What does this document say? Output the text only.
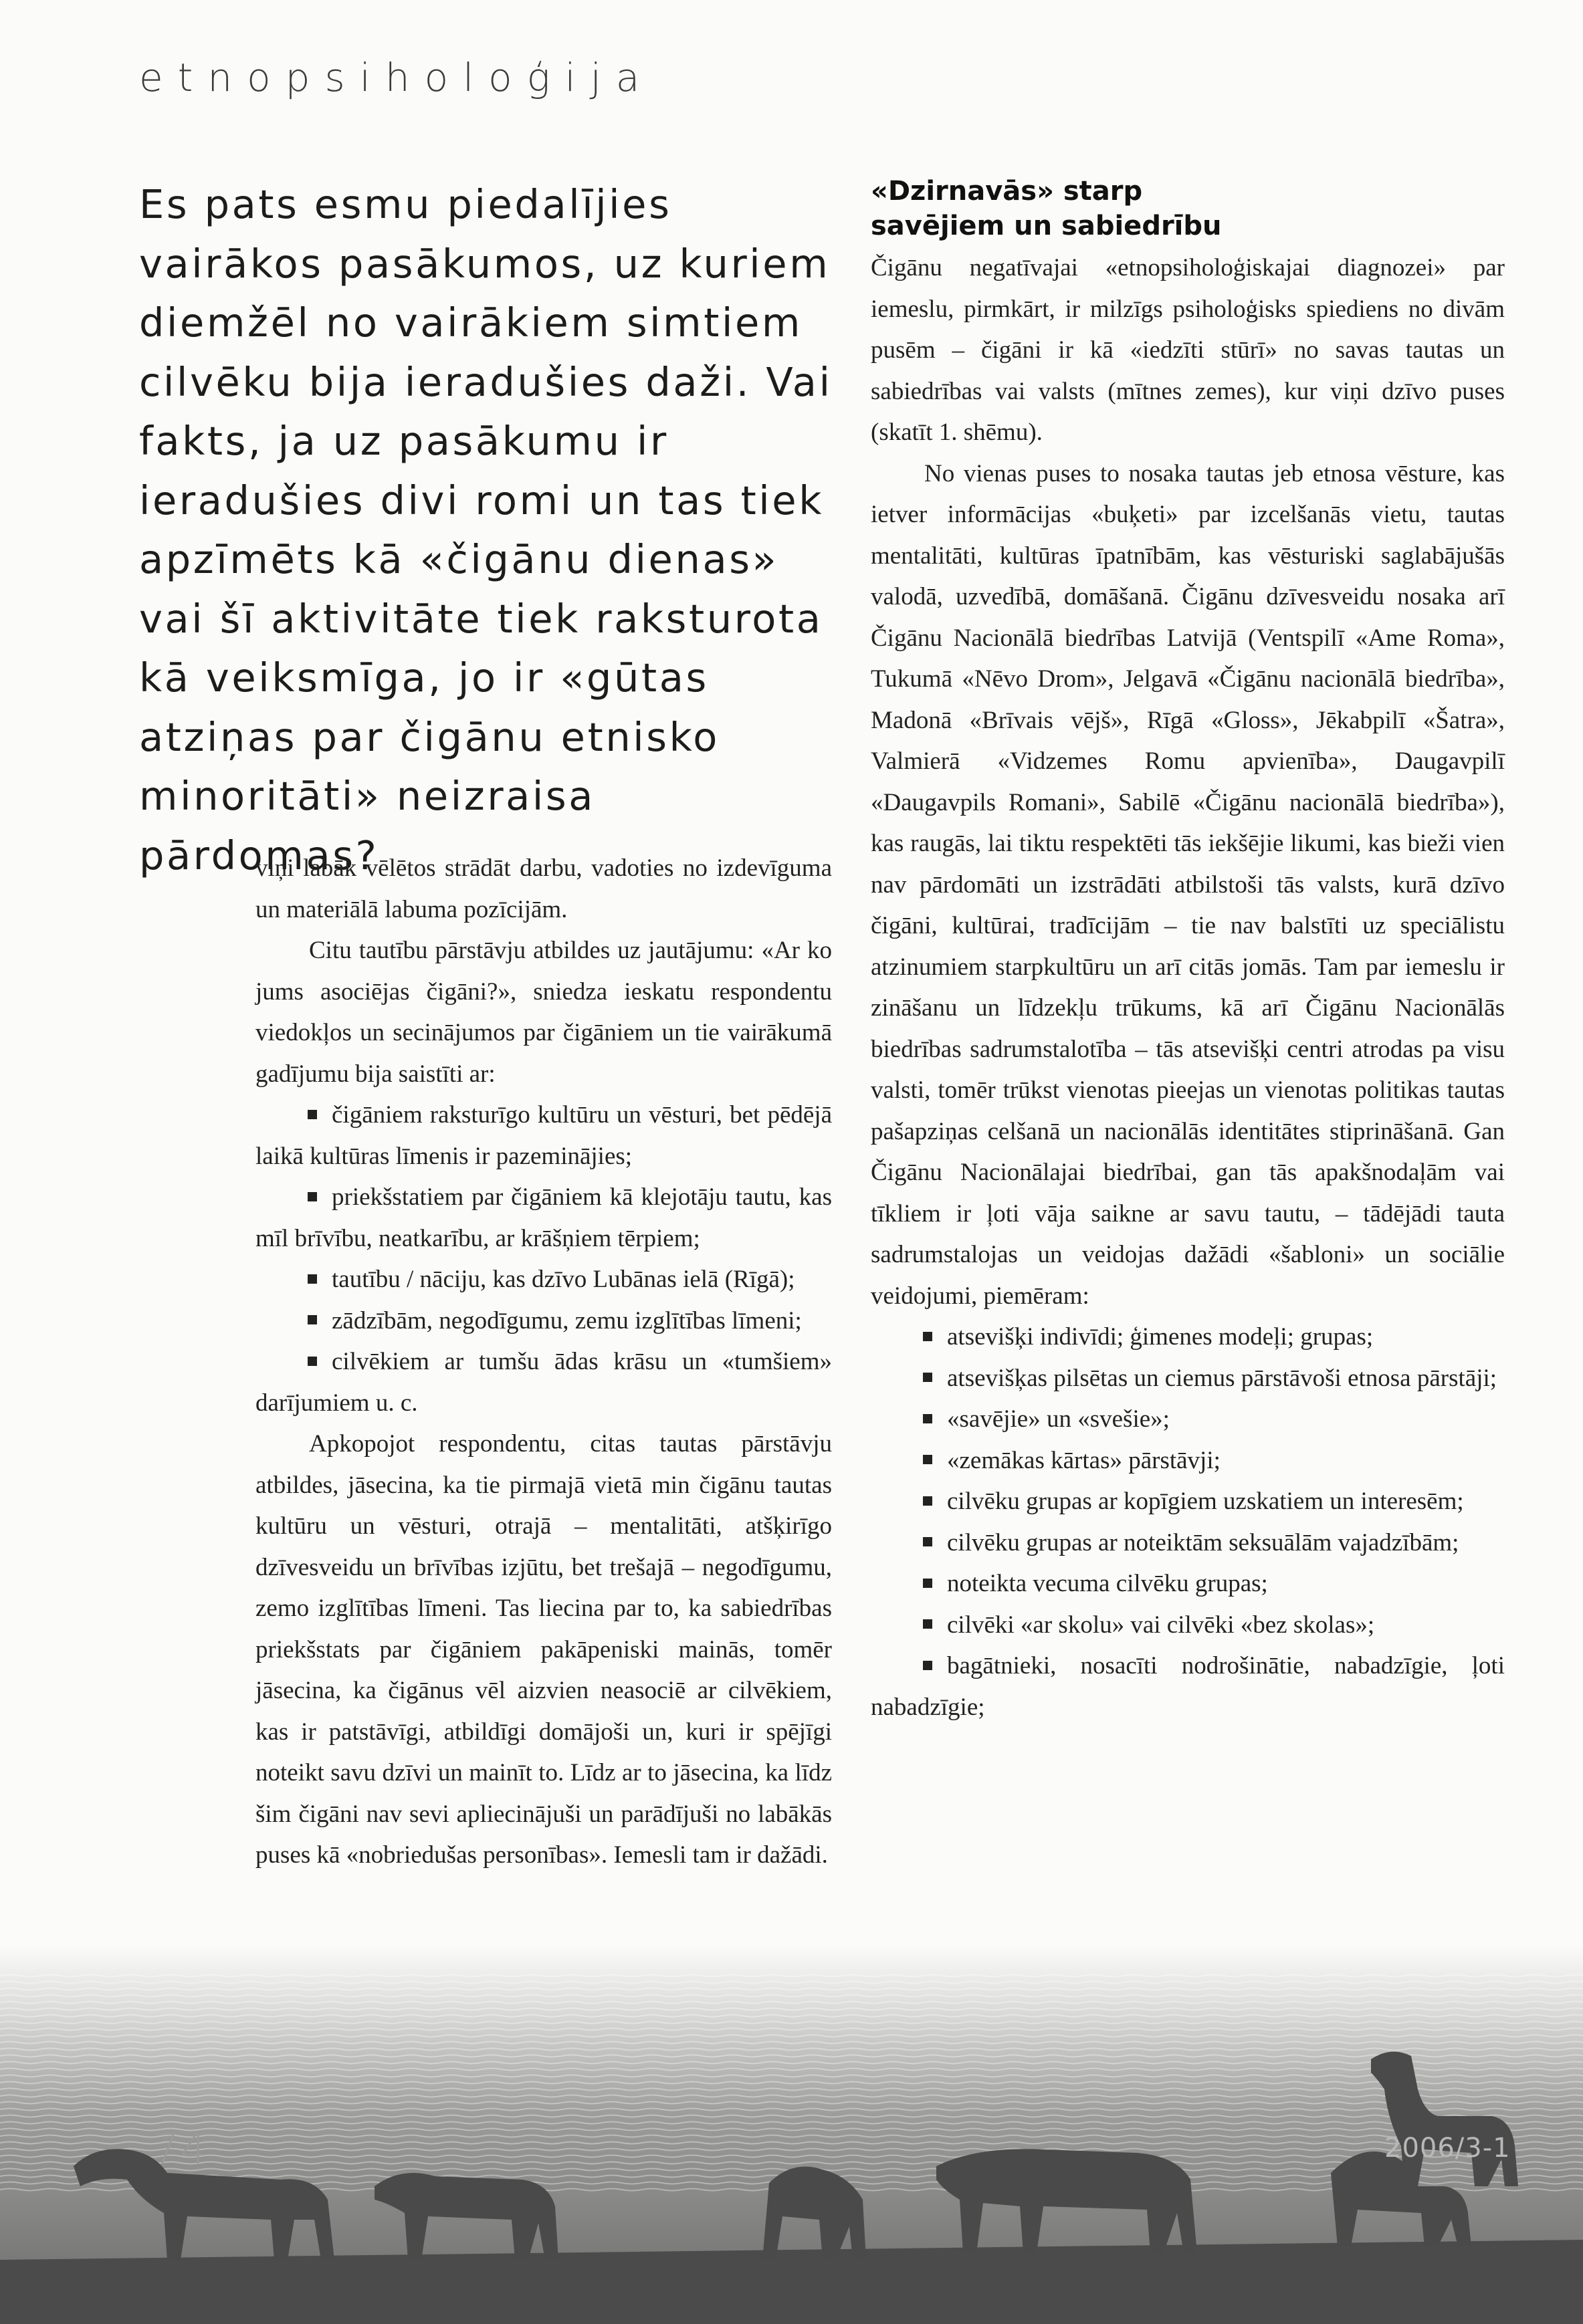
etnopsiholoģija

Es pats esmu piedalījies vairākos pasākumos, uz kuriem diemžēl no vairākiem simtiem cilvēku bija ieradušies daži. Vai fakts, ja uz pasākumu ir ieradušies divi romi un tas tiek apzīmēts kā «čigānu dienas» vai šī aktivitāte tiek raksturota kā veiksmīga, jo ir «gūtas atziņas par čigānu etnisko minoritāti» neizraisa pārdomas?

viņi labāk vēlētos strādāt darbu, vadoties no izdevīguma un materiālā labuma pozīcijām.

Citu tautību pārstāvju atbildes uz jautājumu: «Ar ko jums asociējas čigāni?», sniedza ieskatu respondentu viedokļos un secinājumos par čigāniem un tie vairākumā gadījumu bija saistīti ar:

čigāniem raksturīgo kultūru un vēsturi, bet pēdējā laikā kultūras līmenis ir pazeminājies;
priekšstatiem par čigāniem kā klejotāju tautu, kas mīl brīvību, neatkarību, ar krāšņiem tērpiem;
tautību / nāciju, kas dzīvo Lubānas ielā (Rīgā);
zādzībām, negodīgumu, zemu izglītības līmeni;
cilvēkiem ar tumšu ādas krāsu un «tumšiem» darījumiem u. c.

Apkopojot respondentu, citas tautas pārstāvju atbildes, jāsecina, ka tie pirmajā vietā min čigānu tautas kultūru un vēsturi, otrajā – mentalitāti, atšķirīgo dzīvesveidu un brīvības izjūtu, bet trešajā – negodīgumu, zemo izglītības līmeni. Tas liecina par to, ka sabiedrības priekšstats par čigāniem pakāpeniski mainās, tomēr jāsecina, ka čigānus vēl aizvien neasociē ar cilvēkiem, kas ir patstāvīgi, atbildīgi domājoši un, kuri ir spējīgi noteikt savu dzīvi un mainīt to. Līdz ar to jāsecina, ka līdz šim čigāni nav sevi apliecinājuši un parādījuši no labākās puses kā «nobriedušas personības». Iemesli tam ir dažādi.

«Dzirnavās» starp
savējiem un sabiedrību

Čigānu negatīvajai «etnopsiholoģiskajai diagnozei» par iemeslu, pirmkārt, ir milzīgs psiholoģisks spiediens no divām pusēm – čigāni ir kā «iedzīti stūrī» no savas tautas un sabiedrības vai valsts (mītnes zemes), kur viņi dzīvo puses (skatīt 1. shēmu).

No vienas puses to nosaka tautas jeb etnosa vēsture, kas ietver informācijas «buķeti» par izcelšanās vietu, tautas mentalitāti, kultūras īpatnībām, kas vēsturiski saglabājušās valodā, uzvedībā, domāšanā. Čigānu dzīvesveidu nosaka arī Čigānu Nacionālā biedrības Latvijā (Ventspilī «Ame Roma», Tukumā «Nēvo Drom», Jelgavā «Čigānu nacionālā biedrība», Madonā «Brīvais vējš», Rīgā «Gloss», Jēkabpilī «Šatra», Valmierā «Vidzemes Romu apvienība», Daugavpilī «Daugavpils Romani», Sabilē «Čigānu nacionālā biedrība»), kas raugās, lai tiktu respektēti tās iekšējie likumi, kas bieži vien nav pārdomāti un izstrādāti atbilstoši tās valsts, kurā dzīvo čigāni, kultūrai, tradīcijām – tie nav balstīti uz speciālistu atzinumiem starpkultūru un arī citās jomās. Tam par iemeslu ir zināšanu un līdzekļu trūkums, kā arī Čigānu Nacionālās biedrības sadrumstalotība – tās atsevišķi centri atrodas pa visu valsti, tomēr trūkst vienotas pieejas un vienotas politikas tautas pašapziņas celšanā un nacionālās identitātes stiprināšanā. Gan Čigānu Nacionālajai biedrībai, gan tās apakšnodaļām vai tīkliem ir ļoti vāja saikne ar savu tautu, – tādējādi tauta sadrumstalojas un veidojas dažādi «šabloni» un sociālie veidojumi, piemēram:

atsevišķi indivīdi; ģimenes modeļi; grupas;
atsevišķas pilsētas un ciemus pārstāvoši etnosa pārstāji;
«savējie» un «svešie»;
«zemākas kārtas» pārstāvji;
cilvēku grupas ar kopīgiem uzskatiem un interesēm;
cilvēku grupas ar noteiktām seksuālām vajadzībām;
noteikta vecuma cilvēku grupas;
cilvēki «ar skolu» vai cilvēki «bez skolas»;
bagātnieki, nosacīti nodrošinātie, nabadzīgie, ļoti nabadzīgie;
74	2006/3-1
